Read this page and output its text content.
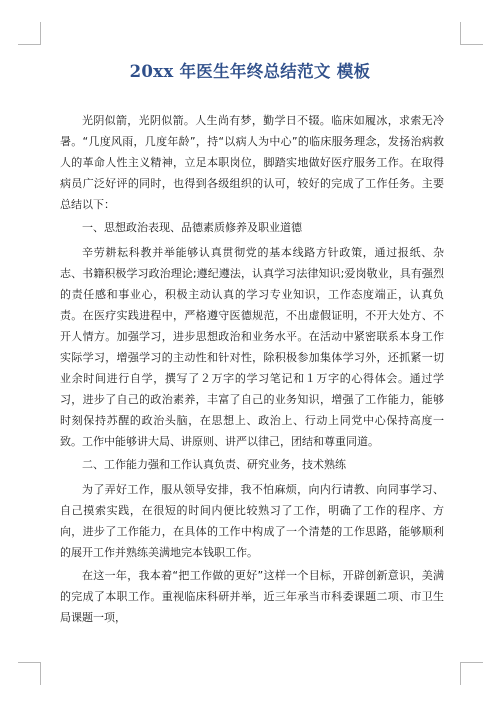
20xx 年医生年终总结范文 模板

光阴似箭，光阴似箭。人生尚有梦，勤学日不辍。临床如履冰，求索无冷暑。“几度风雨，几度年龄”，持“以病人为中心”的临床服务理念，发扬治病救人的革命人性主义精神，立足本职岗位，脚踏实地做好医疗服务工作。在取得病员广泛好评的同时，也得到各级组织的认可，较好的完成了工作任务。主要总结以下：

一、思想政治表现、品德素质修养及职业道德

辛劳耕耘科教并举能够认真贯彻党的基本线路方针政策，通过报纸、杂志、书籍积极学习政治理论;遵纪遵法，认真学习法律知识;爱岗敬业，具有强烈的责任感和事业心，积极主动认真的学习专业知识，工作态度端正，认真负责。在医疗实践进程中，严格遵守医德规范，不出虚假证明，不开大处方、不开人情方。加强学习，进步思想政治和业务水平。在活动中紧密联系本身工作实际学习，增强学习的主动性和针对性，除积极参加集体学习外，还抓紧一切业余时间进行自学，撰写了２万字的学习笔记和１万字的心得体会。通过学习，进步了自己的政治素养，丰富了自己的业务知识，增强了工作能力，能够时刻保持苏醒的政治头脑，在思想上、政治上、行动上同党中心保持高度一致。工作中能够讲大局、讲原则、讲严以律己，团结和尊重同道。

二、工作能力强和工作认真负责、研究业务，技术熟练

为了弄好工作，服从领导安排，我不怕麻烦，向内行请教、向同事学习、自己摸索实践，在很短的时间内便比较熟习了工作，明确了工作的程序、方向，进步了工作能力，在具体的工作中构成了一个清楚的工作思路，能够顺利的展开工作并熟练美满地完本钱职工作。

在这一年，我本着“把工作做的更好”这样一个目标，开辟创新意识，美满的完成了本职工作。重视临床科研并举，近三年承当市科委课题二项、市卫生局课题一项，
